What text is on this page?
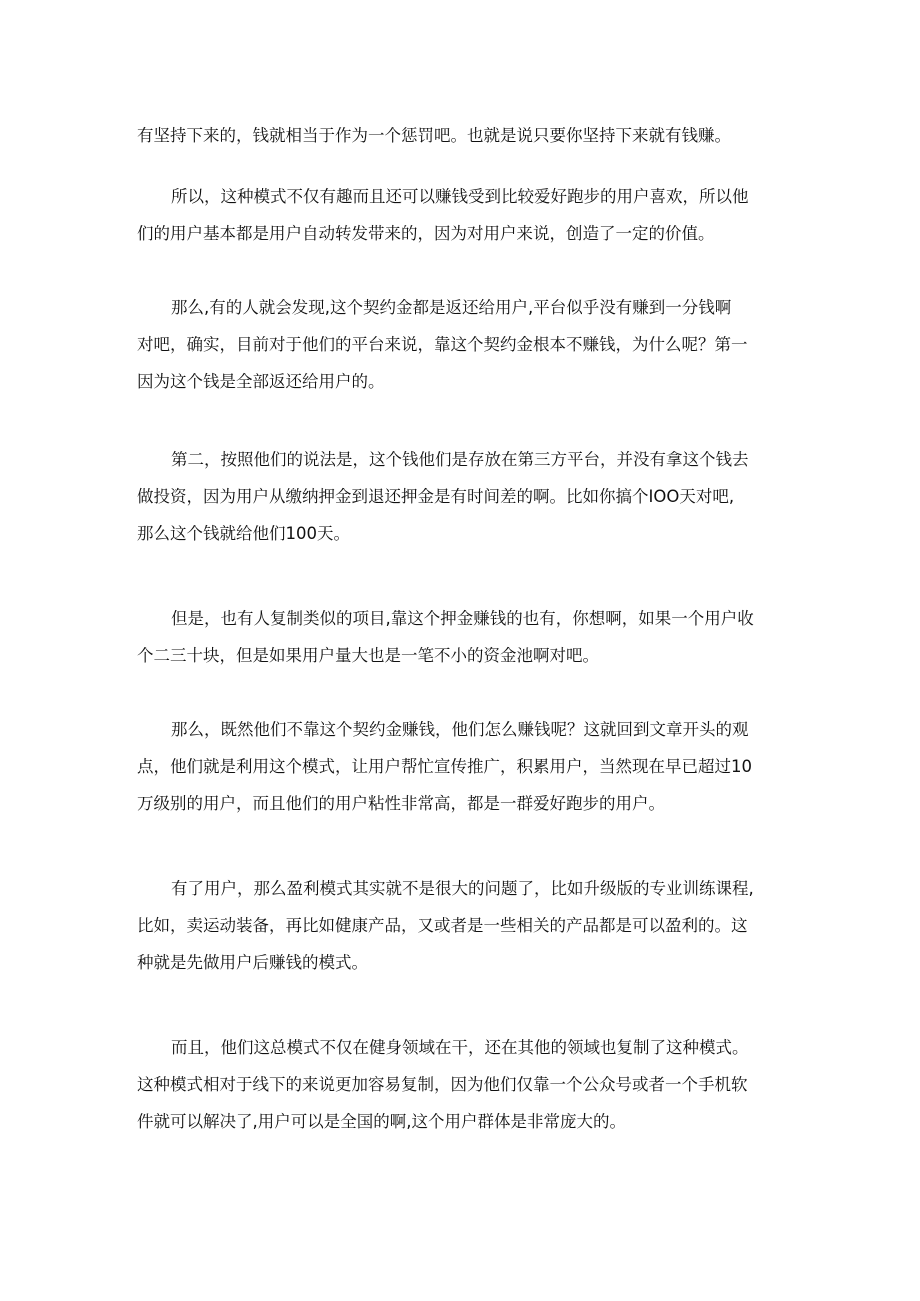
有坚持下来的，钱就相当于作为一个惩罚吧。也就是说只要你坚持下来就有钱赚。
所以，这种模式不仅有趣而且还可以赚钱受到比较爱好跑步的用户喜欢，所以他
们的用户基本都是用户自动转发带来的，因为对用户来说，创造了一定的价值。
那么,有的人就会发现,这个契约金都是返还给用户,平台似乎没有赚到一分钱啊
对吧，确实，目前对于他们的平台来说，靠这个契约金根本不赚钱，为什么呢？第一
因为这个钱是全部返还给用户的。
第二，按照他们的说法是，这个钱他们是存放在第三方平台，并没有拿这个钱去
做投资，因为用户从缴纳押金到退还押金是有时间差的啊。比如你搞个IOO天对吧,
那么这个钱就给他们100天。
但是，也有人复制类似的项目,靠这个押金赚钱的也有，你想啊，如果一个用户收
个二三十块，但是如果用户量大也是一笔不小的资金池啊对吧。
那么，既然他们不靠这个契约金赚钱，他们怎么赚钱呢？这就回到文章开头的观
点，他们就是利用这个模式，让用户帮忙宣传推广，积累用户，当然现在早已超过10
万级别的用户，而且他们的用户粘性非常高，都是一群爱好跑步的用户。
有了用户，那么盈利模式其实就不是很大的问题了，比如升级版的专业训练课程,
比如，卖运动装备，再比如健康产品，又或者是一些相关的产品都是可以盈利的。这
种就是先做用户后赚钱的模式。
而且，他们这总模式不仅在健身领域在干，还在其他的领域也复制了这种模式。
这种模式相对于线下的来说更加容易复制，因为他们仅靠一个公众号或者一个手机软
件就可以解决了,用户可以是全国的啊,这个用户群体是非常庞大的。
